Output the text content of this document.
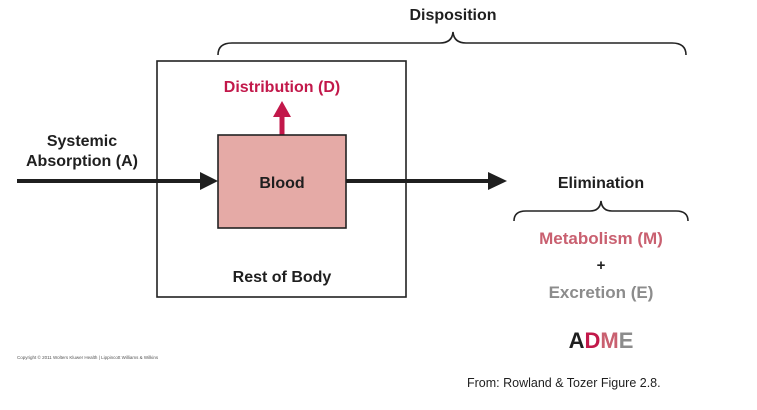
Disposition
Distribution (D)
Blood
Systemic
Absorption (A)
Elimination
Metabolism (M)
+
Excretion (E)
Rest of Body
ADME
Copyright © 2011 Wolters Kluwer Health | Lippincott Williams & Wilkins
From: Rowland & Tozer Figure 2.8.
